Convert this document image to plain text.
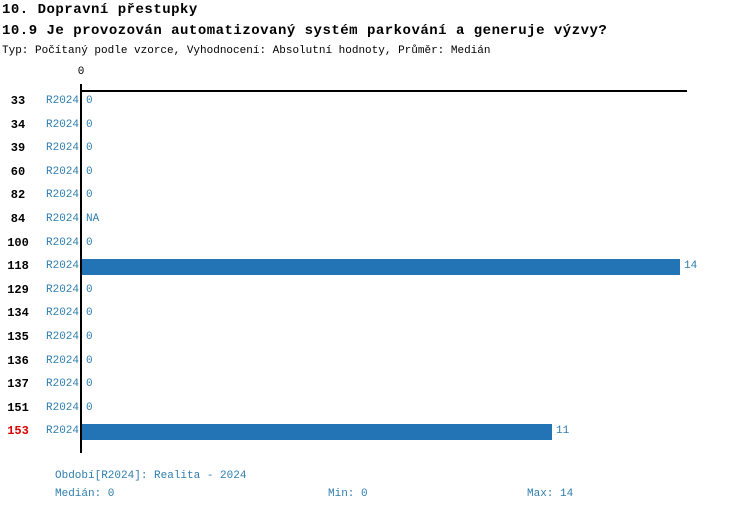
10. Dopravní přestupky
10.9 Je provozován automatizovaný systém parkování a generuje výzvy?
Typ: Počítaný podle vzorce, Vyhodnocení: Absolutní hodnoty, Průměr: Medián
0
33	R2024 0
34	R2024 0
39	R2024 0
60	R2024 0
82	R2024 0
84	R2024 NA
100	R2024 0
118	R2024	14
129	R2024 0
134	R2024 0
135	R2024 0
136	R2024 0
137	R2024 0
151	R2024 0
153	R2024	11
Období[R2024]: Realita - 2024
Medián: 0	Min: 0	Max: 14
